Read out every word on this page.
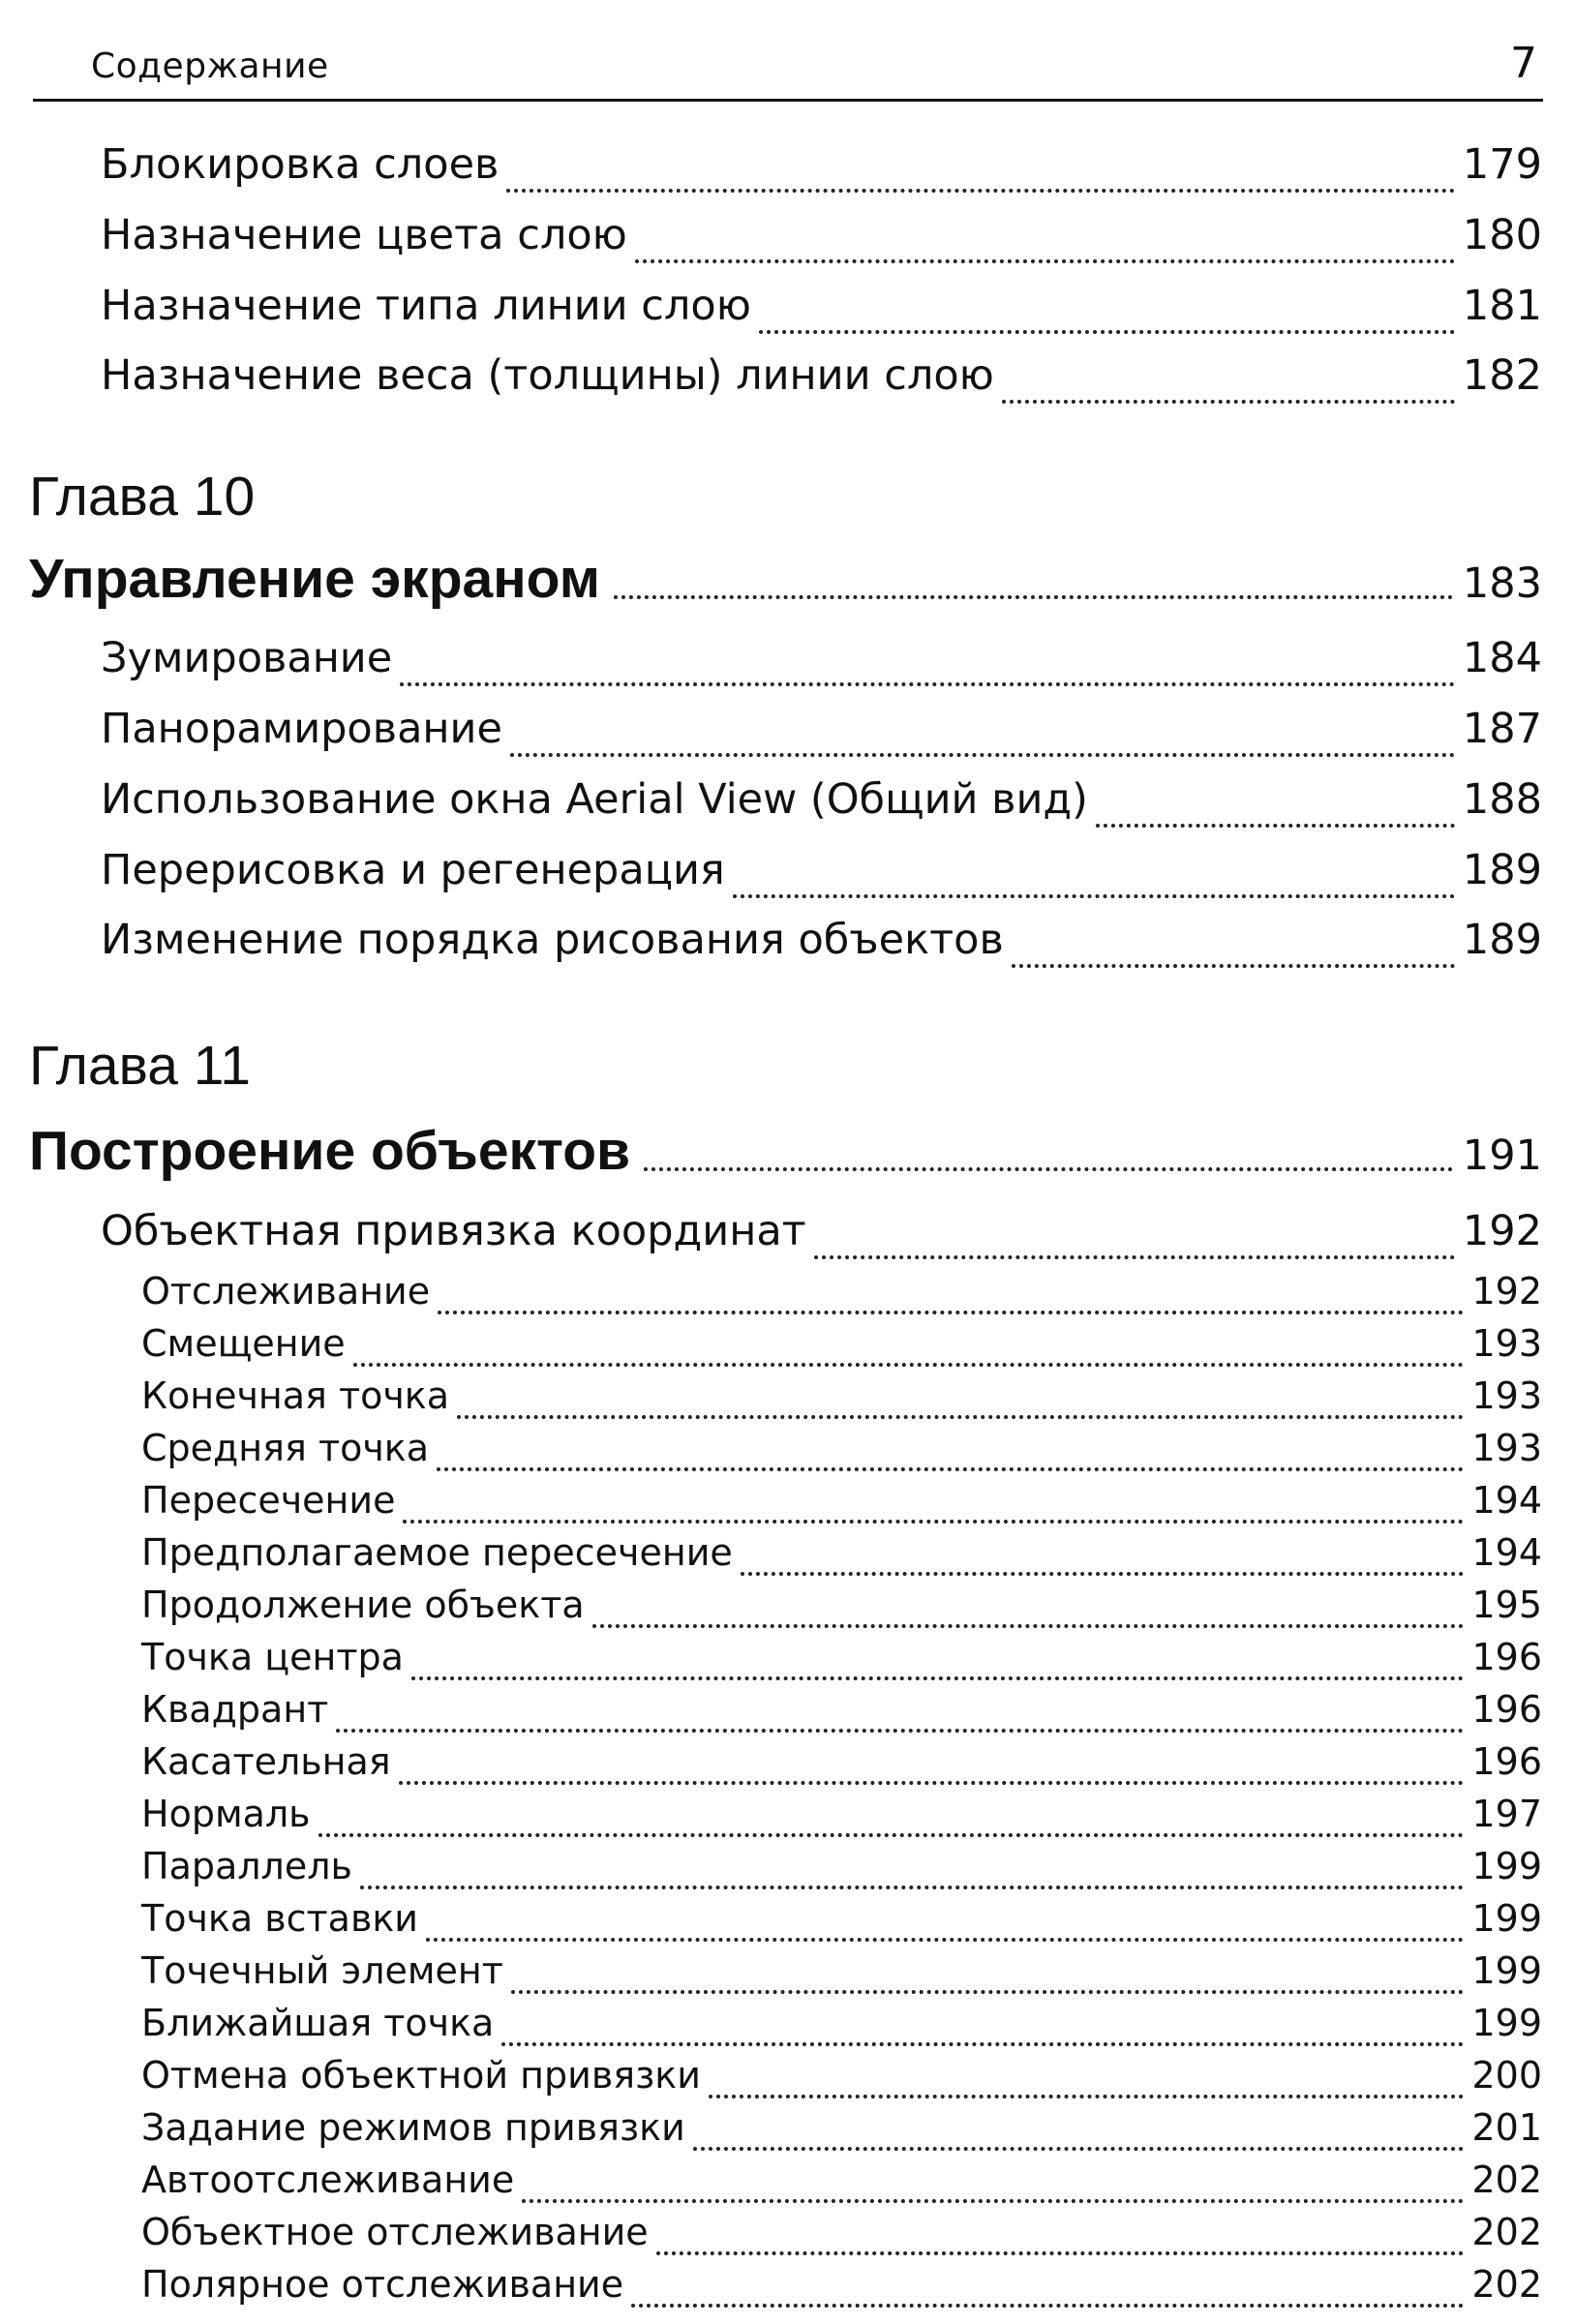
Содержание	7
Блокировка слоев	179
Назначение цвета слою	180
Назначение типа линии слою	181
Назначение веса (толщины) линии слою	182
Глава 10
Управление экраном	183
Зумирование	184
Панорамирование	187
Использование окна Aerial View (Общий вид)	188
Перерисовка и регенерация	189
Изменение порядка рисования объектов	189
Глава 11
Построение объектов	191
Объектная привязка координат	192
Отслеживание	192
Смещение	193
Конечная точка	193
Средняя точка	193
Пересечение	194
Предполагаемое пересечение	194
Продолжение объекта	195
Точка центра	196
Квадрант	196
Касательная	196
Нормаль	197
Параллель	199
Точка вставки	199
Точечный элемент	199
Ближайшая точка	199
Отмена объектной привязки	200
Задание режимов привязки	201
Автоотслеживание	202
Объектное отслеживание	202
Полярное отслеживание	202
